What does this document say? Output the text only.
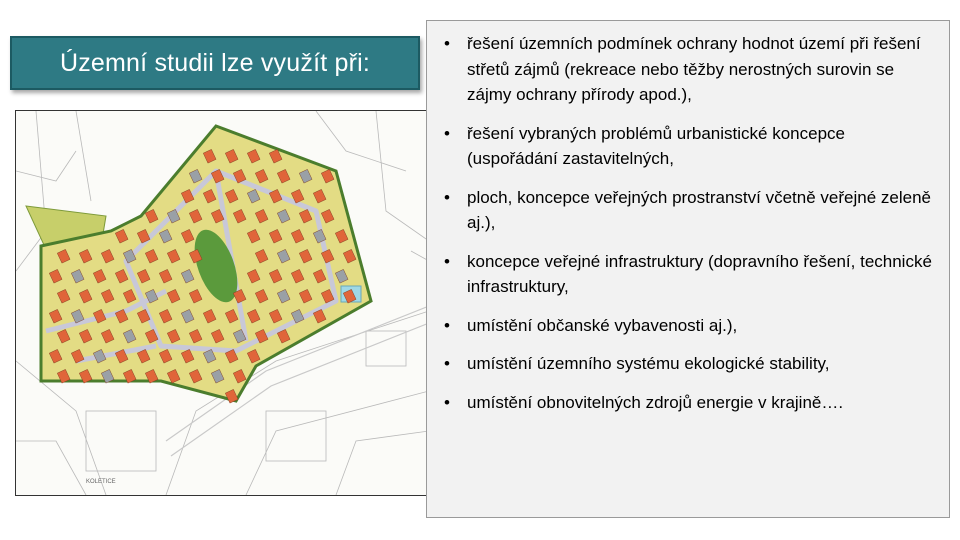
Územní studii lze využít při:
KOLETICE
• řešení územních podmínek ochrany hodnot území při řešení střetů zájmů (rekreace nebo těžby nerostných surovin se zájmy ochrany přírody apod.),
• řešení vybraných problémů urbanistické koncepce (uspořádání zastavitelných,
• ploch, koncepce veřejných prostranství včetně veřejné zeleně aj.),
• koncepce veřejné infrastruktury (dopravního řešení, technické infrastruktury,
• umístění občanské vybavenosti aj.),
• umístění územního systému ekologické stability,
• umístění obnovitelných zdrojů energie v krajině….
